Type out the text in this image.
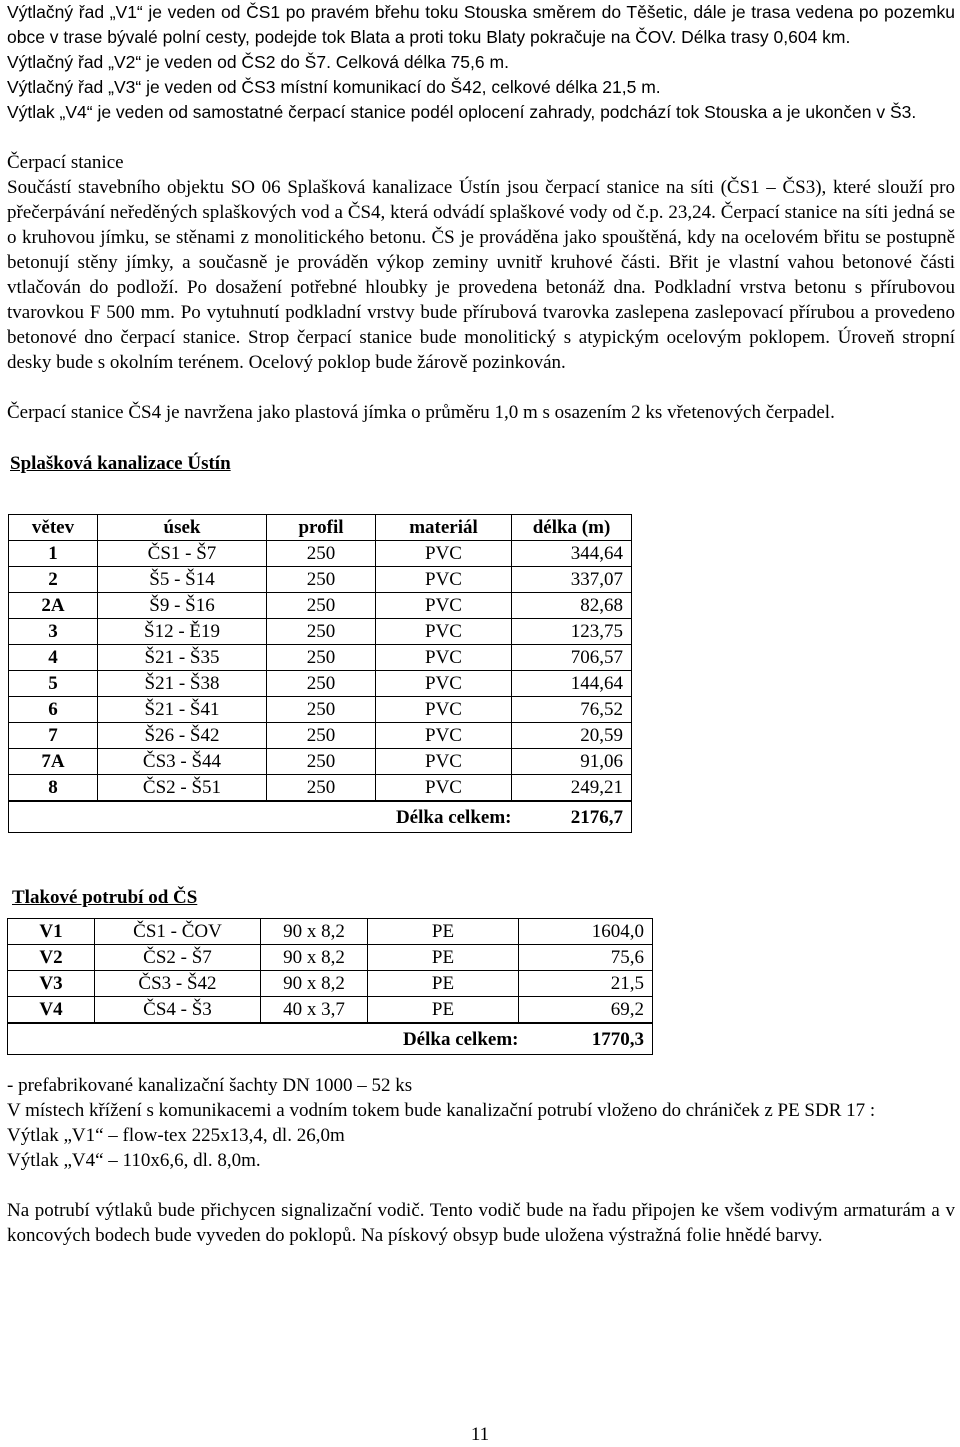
Výtlačný řad „V1“ je veden od ČS1 po pravém břehu toku Stouska směrem do Těšetic, dále je trasa vedena po pozemku obce v trase bývalé polní cesty, podejde tok Blata a proti toku Blaty pokračuje na ČOV. Délka trasy 0,604 km.

Výtlačný řad „V2“ je veden od ČS2 do Š7. Celková délka 75,6 m.

Výtlačný řad „V3“ je veden od ČS3 místní komunikací do Š42, celkové délka 21,5 m.

Výtlak „V4“ je veden od samostatné čerpací stanice podél oplocení zahrady, podchází tok Stouska a je ukončen v Š3.

Čerpací stanice

Součástí stavebního objektu SO 06 Splašková kanalizace Ústín jsou čerpací stanice na síti (ČS1 – ČS3), které slouží pro přečerpávání neředěných splaškových vod a ČS4, která odvádí splaškové vody od č.p. 23,24. Čerpací stanice na síti jedná se o kruhovou jímku, se stěnami z monolitického betonu. ČS je prováděna jako spouštěná, kdy na ocelovém břitu se postupně betonují stěny jímky, a současně je prováděn výkop zeminy uvnitř kruhové části. Břit je vlastní vahou betonové části vtlačován do podloží. Po dosažení potřebné hloubky je provedena betonáž dna. Podkladní vrstva betonu s přírubovou tvarovkou F 500 mm. Po vytuhnutí podkladní vrstvy bude přírubová tvarovka zaslepena zaslepovací přírubou a provedeno betonové dno čerpací stanice. Strop čerpací stanice bude monolitický s atypickým ocelovým poklopem. Úroveň stropní desky bude s okolním terénem. Ocelový poklop bude žárově pozinkován.

Čerpací stanice ČS4 je navržena jako plastová jímka o průměru 1,0 m s osazením 2 ks vřetenových čerpadel.

Splašková kanalizace Ústín

větev	úsek	profil	materiál	délka (m)
1	ČS1 - Š7	250	PVC	344,64
2	Š5 - Š14	250	PVC	337,07
2A	Š9 - Š16	250	PVC	82,68
3	Š12 - Ě19	250	PVC	123,75
4	Š21 - Š35	250	PVC	706,57
5	Š21 - Š38	250	PVC	144,64
6	Š21 - Š41	250	PVC	76,52
7	Š26 - Š42	250	PVC	20,59
7A	ČS3 - Š44	250	PVC	91,06
8	ČS2 - Š51	250	PVC	249,21
		Délka celkem:		2176,7

Tlakové potrubí od ČS

V1	ČS1 - ČOV	90 x 8,2	PE	1604,0
V2	ČS2 - Š7	90 x 8,2	PE	75,6
V3	ČS3 - Š42	90 x 8,2	PE	21,5
V4	ČS4 - Š3	40 x 3,7	PE	69,2
		Délka celkem:		1770,3

- prefabrikované kanalizační šachty DN 1000 – 52 ks

V místech křížení s komunikacemi a vodním tokem bude kanalizační potrubí vloženo do chrániček z PE SDR 17 :

Výtlak „V1“ – flow-tex 225x13,4, dl. 26,0m

Výtlak „V4“ – 110x6,6, dl. 8,0m.

Na potrubí výtlaků bude přichycen signalizační vodič. Tento vodič bude na řadu připojen ke všem vodivým armaturám a v koncových bodech bude vyveden do poklopů. Na pískový obsyp bude uložena výstražná folie hnědé barvy.

11
